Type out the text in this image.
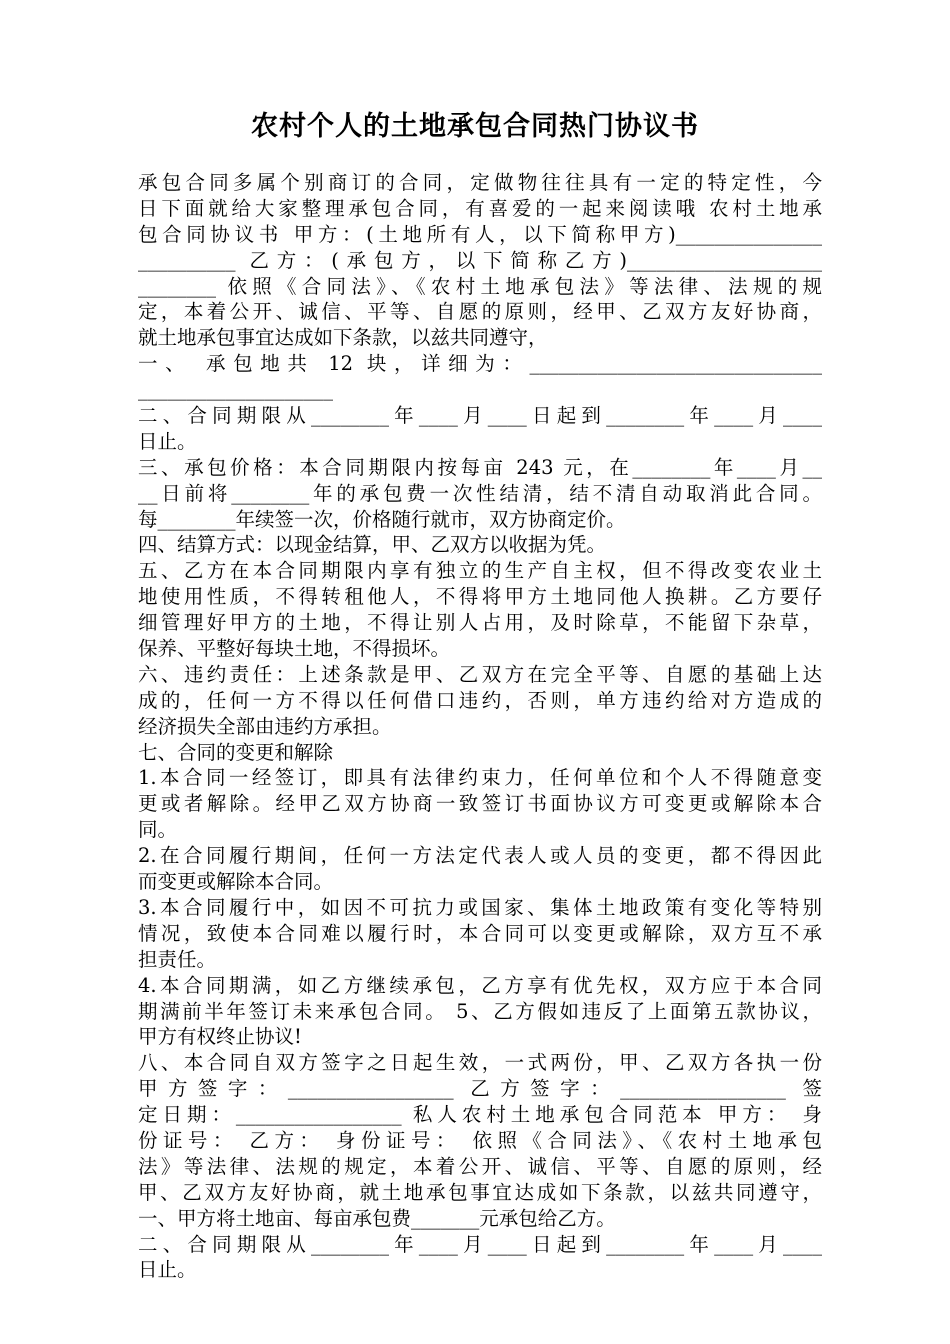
农村个人的土地承包合同热门协议书
承包合同多属个别商订的合同，定做物往往具有一定的特定性，今
日下面就给大家整理承包合同，有喜爱的一起来阅读哦 农村土地承
包合同协议书 甲方：(土地所有人，以下简称甲方)_______________
__________ 乙方：(承包方，以下简称乙方)____________________
________ 依照《合同法》、《农村土地承包法》等法律、法规的规
定，本着公开、诚信、平等、自愿的原则，经甲、乙双方友好协商，
就土地承包事宜达成如下条款，以兹共同遵守，
一、 承包地共 12 块，详细为：______________________________
____________________
二、合同期限从________年____月____日起到________年____月____
日止。
三、承包价格：本合同期限内按每亩 243 元，在________年____月__
__日前将________年的承包费一次性结清，结不清自动取消此合同。
每________年续签一次，价格随行就市，双方协商定价。
四、结算方式：以现金结算，甲、乙双方以收据为凭。
五、乙方在本合同期限内享有独立的生产自主权，但不得改变农业土
地使用性质，不得转租他人，不得将甲方土地同他人换耕。乙方要仔
细管理好甲方的土地，不得让别人占用，及时除草，不能留下杂草，
保养、平整好每块土地，不得损坏。
六、违约责任：上述条款是甲、乙双方在完全平等、自愿的基础上达
成的，任何一方不得以任何借口违约，否则，单方违约给对方造成的
经济损失全部由违约方承担。
七、合同的变更和解除
1.本合同一经签订，即具有法律约束力，任何单位和个人不得随意变
更或者解除。经甲乙双方协商一致签订书面协议方可变更或解除本合
同。
2.在合同履行期间，任何一方法定代表人或人员的变更，都不得因此
而变更或解除本合同。
3.本合同履行中，如因不可抗力或国家、集体土地政策有变化等特别
情况，致使本合同难以履行时，本合同可以变更或解除，双方互不承
担责任。
4.本合同期满，如乙方继续承包，乙方享有优先权，双方应于本合同
期满前半年签订未来承包合同。 5、乙方假如违反了上面第五款协议，
甲方有权终止协议!
八、本合同自双方签字之日起生效，一式两份，甲、乙双方各执一份
甲方签字：_________________ 乙方签字：_________________ 签
定日期：_________________ 私人农村土地承包合同范本 甲方： 身
份证号： 乙方： 身份证号： 依照《合同法》、《农村土地承包
法》等法律、法规的规定，本着公开、诚信、平等、自愿的原则，经
甲、乙双方友好协商，就土地承包事宜达成如下条款，以兹共同遵守，
一、甲方将土地亩、每亩承包费_______元承包给乙方。
二、合同期限从________年____月____日起到________年____月____
日止。
